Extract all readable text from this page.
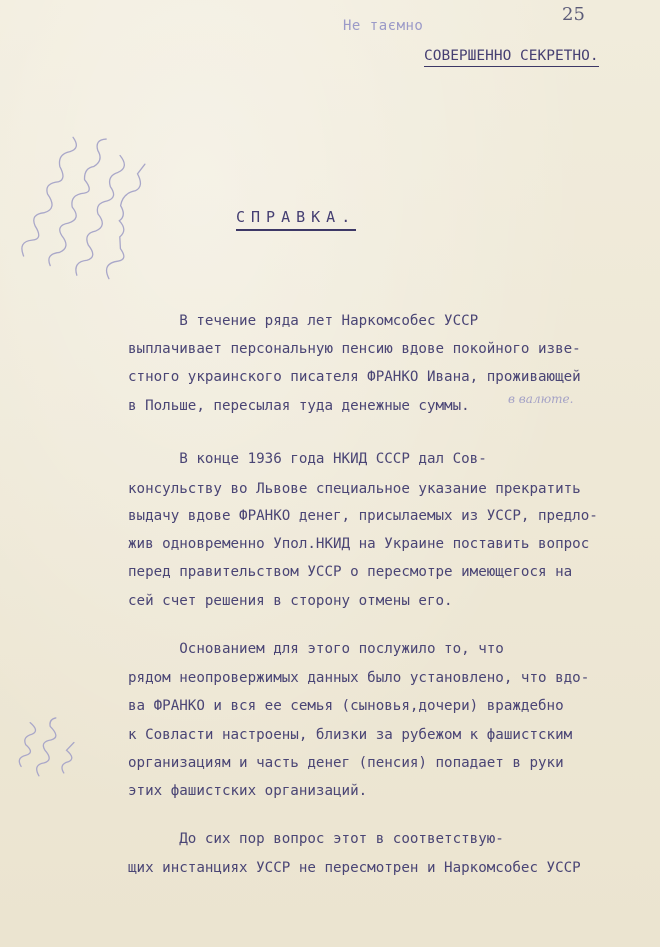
Не таємно
25
СОВЕРШЕННО СЕКРЕТНО.
СПРАВКА.
В течение ряда лет Наркомсобес УССР
выплачивает персональную пенсию вдове покойного изве-
стного украинского писателя ФРАНКО Ивана, проживающей
в Польше, пересылая туда денежные суммы.	в валюте.
В конце 1936 года НКИД СССР дал Сов-
консульству во Львове специальное указание прекратить
выдачу вдове ФРАНКО денег, присылаемых из УССР, предло-
жив одновременно Упол.НКИД на Украине поставить вопрос
перед правительством УССР о пересмотре имеющегося на
сей счет решения в сторону отмены его.
Основанием для этого послужило то, что
рядом неопровержимых данных было установлено, что вдо-
ва ФРАНКО и вся ее семья (сыновья,дочери) враждебно
к Совласти настроены, близки за рубежом к фашистским
организациям и часть денег (пенсия) попадает в руки
этих фашистских организаций.
До сих пор вопрос этот в соответствую-
щих инстанциях УССР не пересмотрен и Наркомсобес УССР
